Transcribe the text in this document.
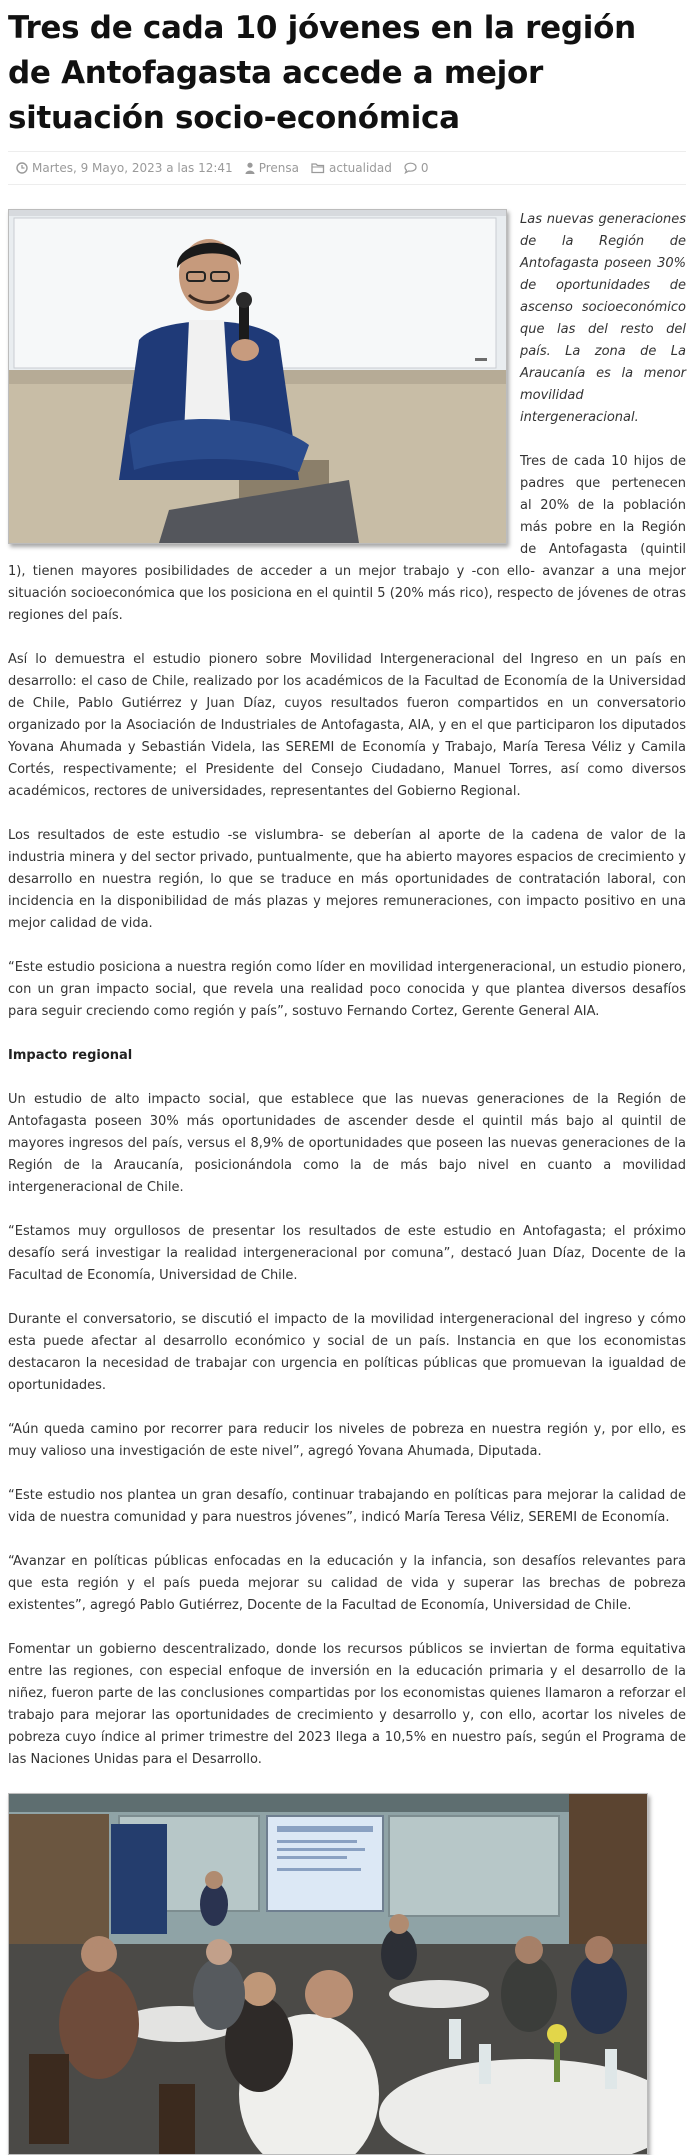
Tres de cada 10 jóvenes en la región de Antofagasta accede a mejor situación socio-económica
Martes, 9 Mayo, 2023 a las 12:41 Prensa	actualidad 0

Las nuevas generaciones de la Región de Antofagasta poseen 30% de oportunidades de ascenso socioeconómico que las del resto del país. La zona de La Araucanía es la menor movilidad intergeneracional.

Tres de cada 10 hijos de padres que pertenecen al 20% de la población más pobre en la Región de Antofagasta (quintil 1), tienen mayores posibilidades de acceder a un mejor trabajo y -con ello- avanzar a una mejor situación socioeconómica que los posiciona en el quintil 5 (20% más rico), respecto de jóvenes de otras regiones del país.

Así lo demuestra el estudio pionero sobre Movilidad Intergeneracional del Ingreso en un país en desarrollo: el caso de Chile, realizado por los académicos de la Facultad de Economía de la Universidad de Chile, Pablo Gutiérrez y Juan Díaz, cuyos resultados fueron compartidos en un conversatorio organizado por la Asociación de Industriales de Antofagasta, AIA, y en el que participaron los diputados Yovana Ahumada y Sebastián Videla, las SEREMI de Economía y Trabajo, María Teresa Véliz y Camila Cortés, respectivamente; el Presidente del Consejo Ciudadano, Manuel Torres, así como diversos académicos, rectores de universidades, representantes del Gobierno Regional.

Los resultados de este estudio -se vislumbra- se deberían al aporte de la cadena de valor de la industria minera y del sector privado, puntualmente, que ha abierto mayores espacios de crecimiento y desarrollo en nuestra región, lo que se traduce en más oportunidades de contratación laboral, con incidencia en la disponibilidad de más plazas y mejores remuneraciones, con impacto positivo en una mejor calidad de vida.

“Este estudio posiciona a nuestra región como líder en movilidad intergeneracional, un estudio pionero, con un gran impacto social, que revela una realidad poco conocida y que plantea diversos desafíos para seguir creciendo como región y país”, sostuvo Fernando Cortez, Gerente General AIA.

Impacto regional

Un estudio de alto impacto social, que establece que las nuevas generaciones de la Región de Antofagasta poseen 30% más oportunidades de ascender desde el quintil más bajo al quintil de mayores ingresos del país, versus el 8,9% de oportunidades que poseen las nuevas generaciones de la Región de la Araucanía, posicionándola como la de más bajo nivel en cuanto a movilidad intergeneracional de Chile.

“Estamos muy orgullosos de presentar los resultados de este estudio en Antofagasta; el próximo desafío será investigar la realidad intergeneracional por comuna”, destacó Juan Díaz, Docente de la Facultad de Economía, Universidad de Chile.

Durante el conversatorio, se discutió el impacto de la movilidad intergeneracional del ingreso y cómo esta puede afectar al desarrollo económico y social de un país. Instancia en que los economistas destacaron la necesidad de trabajar con urgencia en políticas públicas que promuevan la igualdad de oportunidades.

“Aún queda camino por recorrer para reducir los niveles de pobreza en nuestra región y, por ello, es muy valioso una investigación de este nivel”, agregó Yovana Ahumada, Diputada.

“Este estudio nos plantea un gran desafío, continuar trabajando en políticas para mejorar la calidad de vida de nuestra comunidad y para nuestros jóvenes”, indicó María Teresa Véliz, SEREMI de Economía.

“Avanzar en políticas públicas enfocadas en la educación y la infancia, son desafíos relevantes para que esta región y el país pueda mejorar su calidad de vida y superar las brechas de pobreza existentes”, agregó Pablo Gutiérrez, Docente de la Facultad de Economía, Universidad de Chile.

Fomentar un gobierno descentralizado, donde los recursos públicos se inviertan de forma equitativa entre las regiones, con especial enfoque de inversión en la educación primaria y el desarrollo de la niñez, fueron parte de las conclusiones compartidas por los economistas quienes llamaron a reforzar el trabajo para mejorar las oportunidades de crecimiento y desarrollo y, con ello, acortar los niveles de pobreza cuyo índice al primer trimestre del 2023 llega a 10,5% en nuestro país, según el Programa de las Naciones Unidas para el Desarrollo.
